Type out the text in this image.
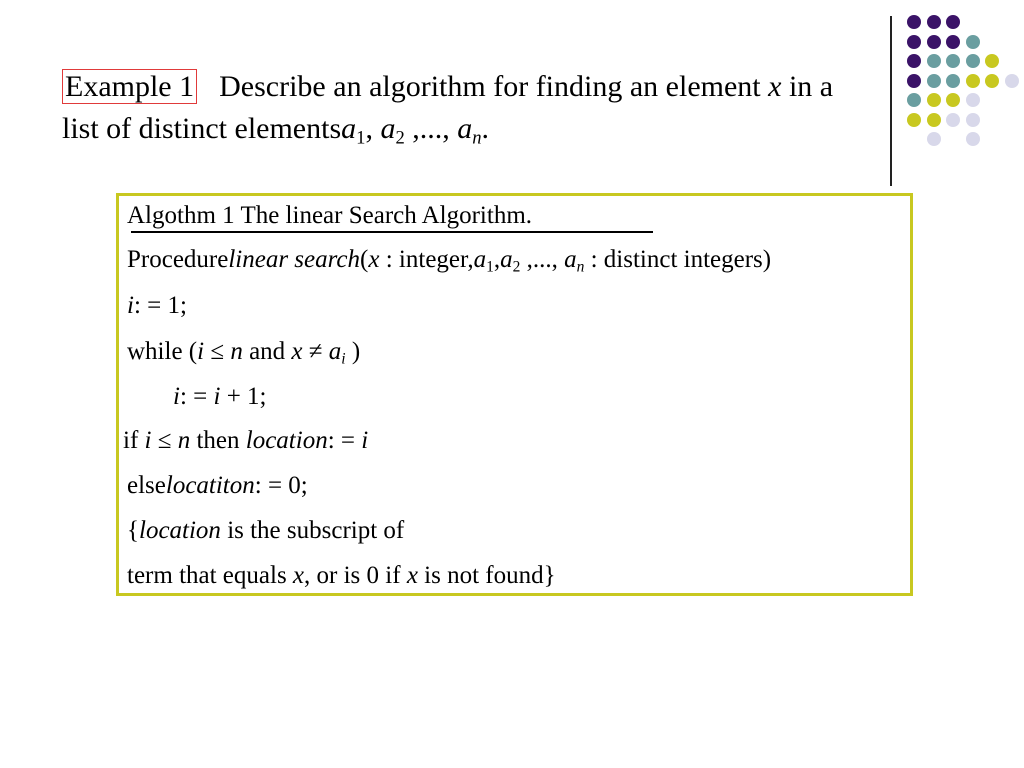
Example 1 Describe an algorithm for finding an element x in a
list of distinct elementsa$_1$, $a_2$ ,..., $a_n$.
Algothm 1 The linear Search Algorithm.
Procedurelinear search(x : $integer,a_1,a_2$ ,..., $a_n$ : distinct integers)
i: = 1;
while (i ≤ n and $x \ne a_i$ )
i: = i + 1;
if i ≤ n then location: = i
elselocatiton: = 0;
{location is the subscript of
term that equals x, or is 0 if x is not found}
